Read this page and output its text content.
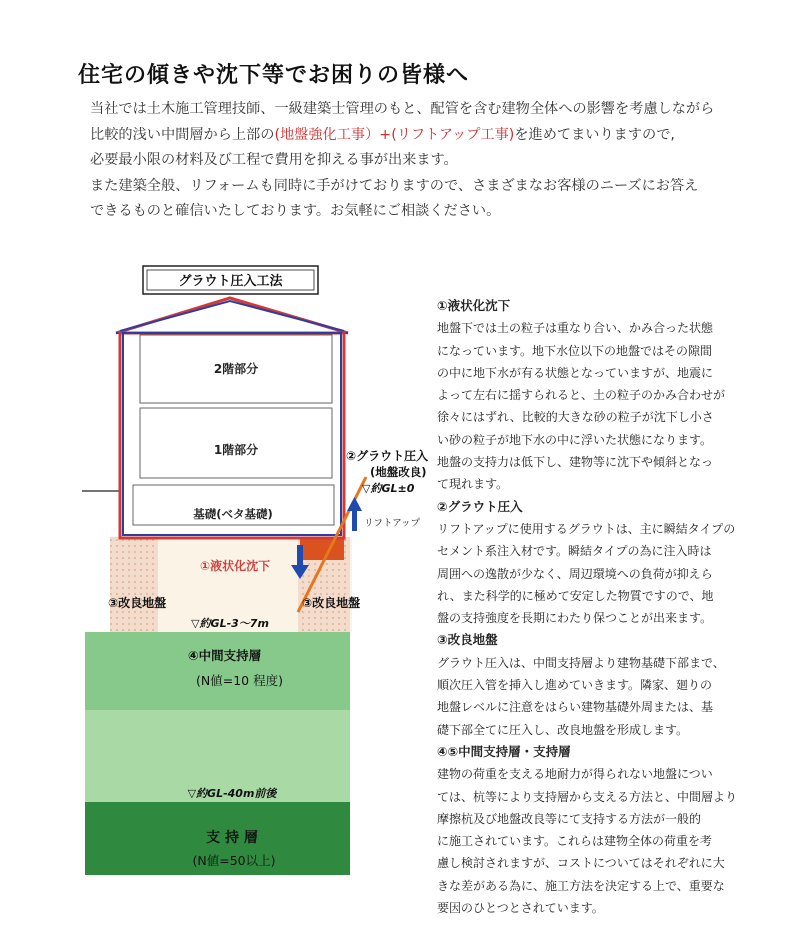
住宅の傾きや沈下等でお困りの皆様へ

当社では土木施工管理技師、一級建築士管理のもと、配管を含む建物全体への影響を考慮しながら

比較的浅い中間層から上部の(地盤強化工事）+(リフトアップ工事)を進めてまいりますので,

必要最小限の材料及び工程で費用を抑える事が出来ます。

また建築全般、リフォームも同時に手がけておりますので、さまざまなお客様のニーズにお答え

できるものと確信いたしております。お気軽にご相談ください。

グラウト圧入工法
2階部分
1階部分
基礎(ベタ基礎)
リフトアップ
②グラウト圧入
(地盤改良)
▽約GL±0
①液状化沈下
③改良地盤	③改良地盤
▽約GL-3〜7m
④中間支持層
(N値=10 程度)
▽約GL-40m前後
支 持 層
(N値=50以上)

①液状化沈下

地盤下では土の粒子は重なり合い、かみ合った状態

になっています。地下水位以下の地盤ではその隙間

の中に地下水が有る状態となっていますが、地震に

よって左右に揺すられると、土の粒子のかみ合わせが

徐々にはずれ、比較的大きな砂の粒子が沈下し小さ

い砂の粒子が地下水の中に浮いた状態になります。

地盤の支持力は低下し、建物等に沈下や傾斜となっ

て現れます。

②グラウト圧入

リフトアップに使用するグラウトは、主に瞬結タイプの

セメント系注入材です。瞬結タイプの為に注入時は

周囲への逸散が少なく、周辺環境への負荷が抑えら

れ、また科学的に極めて安定した物質ですので、地

盤の支持強度を長期にわたり保つことが出来ます。

③改良地盤

グラウト圧入は、中間支持層より建物基礎下部まで、

順次圧入管を挿入し進めていきます。隣家、廻りの

地盤レベルに注意をはらい建物基礎外周または、基

礎下部全てに圧入し、改良地盤を形成します。

④⑤中間支持層・支持層

建物の荷重を支える地耐力が得られない地盤につい

ては、杭等により支持層から支える方法と、中間層より

摩擦杭及び地盤改良等にて支持する方法が一般的

に施工されています。これらは建物全体の荷重を考

慮し検討されますが、コストについてはそれぞれに大

きな差がある為に、施工方法を決定する上で、重要な

要因のひとつとされています。
